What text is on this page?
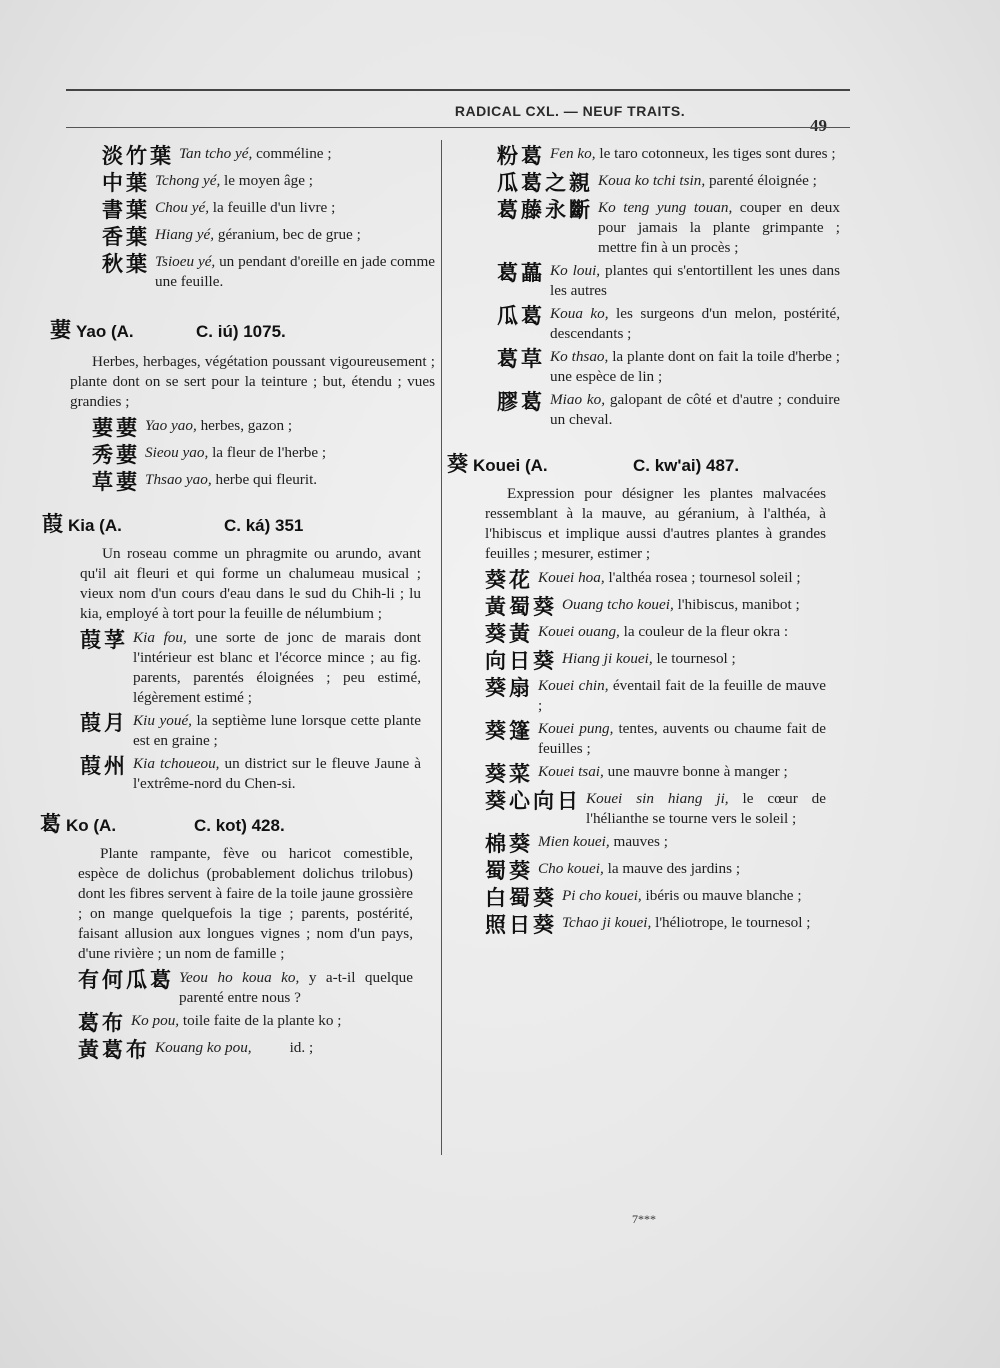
RADICAL CXL. — NEUF TRAITS.
49
淡竹葉 Tan tcho yé, comméline ;
中葉 Tchong yé, le moyen âge ;
書葉 Chou yé, la feuille d'un livre ;
香葉 Hiang yé, géranium, bec de grue ;
秋葉 Tsioeu yé, un pendant d'oreille en jade comme une feuille.
葽 Yao (A.	C. iú) 1075.

Herbes, herbages, végétation poussant vigoureusement ; plante dont on se sert pour la teinture ; but, étendu ; vues grandies ;

葽葽 Yao yao, herbes, gazon ;
秀葽 Sieou yao, la fleur de l'herbe ;
草葽 Thsao yao, herbe qui fleurit.
葭 Kia (A.	C. ká) 351

Un roseau comme un phragmite ou arundo, avant qu'il ait fleuri et qui forme un chalumeau musical ; vieux nom d'un cours d'eau dans le sud du Chih-li ; lu kia, employé à tort pour la feuille de nélumbium ;

葭莩 Kia fou, une sorte de jonc de marais dont l'intérieur est blanc et l'écorce mince ; au fig. parents, parentés éloignées ; peu estimé, légèrement estimé ;
葭月 Kiu youé, la septième lune lorsque cette plante est en graine ;
葭州 Kia tchoueou, un district sur le fleuve Jaune à l'extrême-nord du Chen-si.
葛 Ko (A.	C. kot) 428.

Plante rampante, fève ou haricot comestible, espèce de dolichus (probablement dolichus trilobus) dont les fibres servent à faire de la toile jaune grossière ; on mange quelquefois la tige ; parents, postérité, faisant allusion aux longues vignes ; nom d'un pays, d'une rivière ; un nom de famille ;

有何瓜葛 Yeou ho koua ko, y a-t-il quelque parenté entre nous ?
葛布 Ko pou, toile faite de la plante ko ;
黃葛布 Kouang ko pou,          id. ;
粉葛 Fen ko, le taro cotonneux, les tiges sont dures ;
瓜葛之親 Koua ko tchi tsin, parenté éloignée ;
葛藤永斷 Ko teng yung touan, couper en deux pour jamais la plante grimpante ; mettre fin à un procès ;
葛藟 Ko loui, plantes qui s'entortillent les unes dans les autres
瓜葛 Koua ko, les surgeons d'un melon, postérité, descendants ;
葛草 Ko thsao, la plante dont on fait la toile d'herbe ; une espèce de lin ;
膠葛 Miao ko, galopant de côté et d'autre ; conduire un cheval.
葵 Kouei (A.	C. kw'ai) 487.

Expression pour désigner les plantes malvacées ressemblant à la mauve, au géranium, à l'althéa, à l'hibiscus et implique aussi d'autres plantes à grandes feuilles ; mesurer, estimer ;

葵花 Kouei hoa, l'althéa rosea ; tournesol soleil ;
黃蜀葵 Ouang tcho kouei, l'hibiscus, manibot ;
葵黃 Kouei ouang, la couleur de la fleur okra :
向日葵 Hiang ji kouei, le tournesol ;
葵扇 Kouei chin, éventail fait de la feuille de mauve ;
葵篷 Kouei pung, tentes, auvents ou chaume fait de feuilles ;
葵菜 Kouei tsai, une mauvre bonne à manger ;
葵心向日 Kouei sin hiang ji, le cœur de l'hélianthe se tourne vers le soleil ;
棉葵 Mien kouei, mauves ;
蜀葵 Cho kouei, la mauve des jardins ;
白蜀葵 Pi cho kouei, ibéris ou mauve blanche ;
照日葵 Tchao ji kouei, l'héliotrope, le tournesol ;
7***
